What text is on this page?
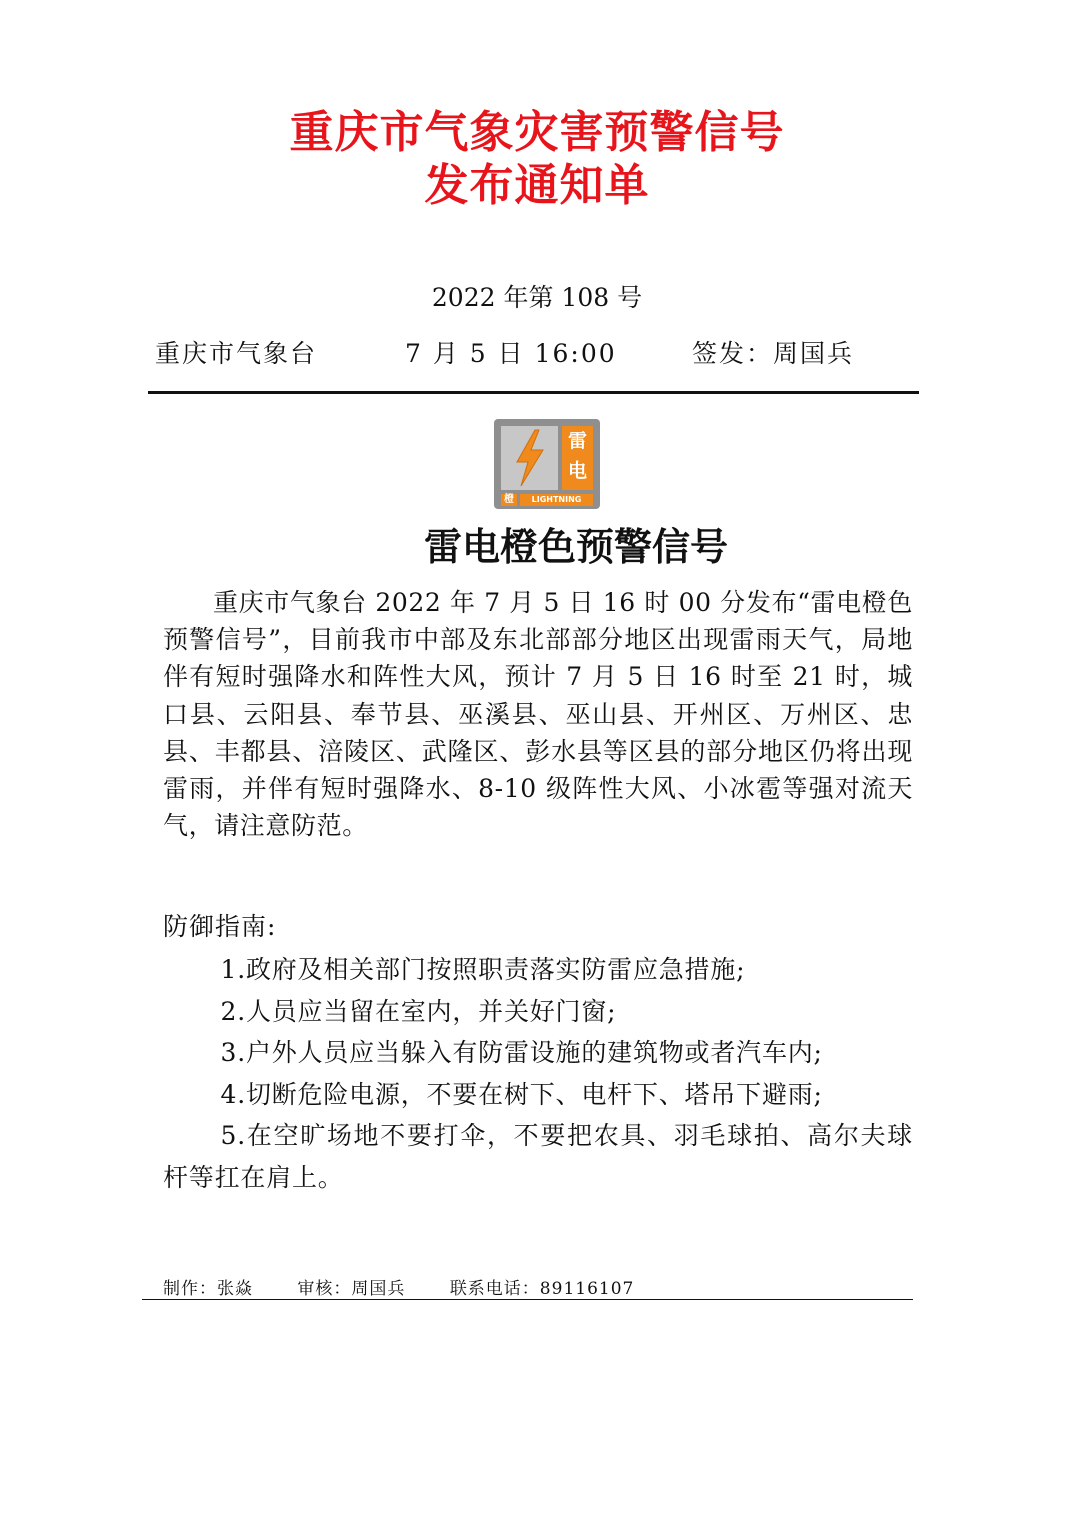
重庆市气象灾害预警信号
发布通知单
2022 年第 108 号
重庆市气象台	7 月 5 日 16:00	签发：周国兵
雷
电
橙	LIGHTNING
雷电橙色预警信号

重庆市气象台 2022 年 7 月 5 日 16 时 00 分发布“雷电橙色预警信号”，目前我市中部及东北部部分地区出现雷雨天气，局地伴有短时强降水和阵性大风，预计 7 月 5 日 16 时至 21 时，城口县、云阳县、奉节县、巫溪县、巫山县、开州区、万州区、忠县、丰都县、涪陵区、武隆区、彭水县等区县的部分地区仍将出现雷雨，并伴有短时强降水、8-10 级阵性大风、小冰雹等强对流天气，请注意防范。

防御指南:

1.政府及相关部门按照职责落实防雷应急措施;

2.人员应当留在室内，并关好门窗;

3.户外人员应当躲入有防雷设施的建筑物或者汽车内;

4.切断危险电源，不要在树下、电杆下、塔吊下避雨;

5.在空旷场地不要打伞，不要把农具、羽毛球拍、高尔夫球杆等扛在肩上。

制作：张焱	审核：周国兵	联系电话：89116107
